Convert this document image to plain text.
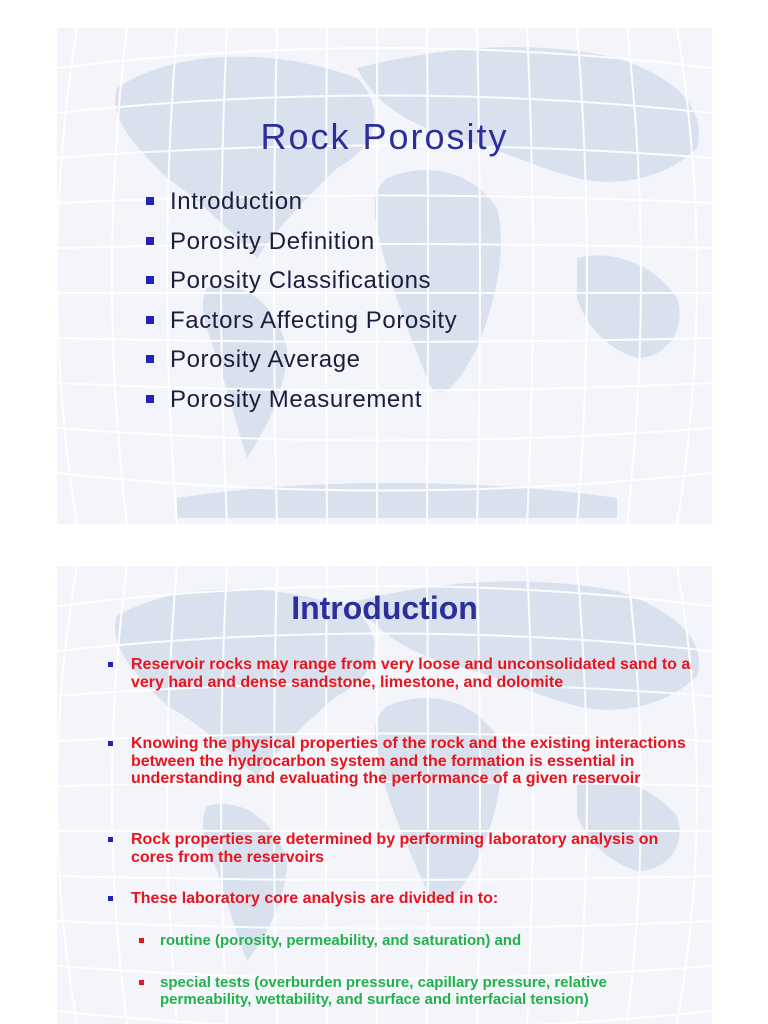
Rock Porosity
Introduction
Porosity Definition
Porosity Classifications
Factors Affecting Porosity
Porosity Average
Porosity Measurement
Introduction
Reservoir rocks may range from very loose and unconsolidated sand to a very hard and dense sandstone, limestone, and dolomite
Knowing the physical properties of the rock and the existing interactions between the hydrocarbon system and the formation is essential in understanding and evaluating the performance of a given reservoir
Rock properties are determined by performing laboratory analysis on cores from the reservoirs
These laboratory core analysis are divided in to:
routine (porosity, permeability, and saturation) and
special tests (overburden pressure, capillary pressure, relative permeability, wettability, and surface and interfacial tension)
